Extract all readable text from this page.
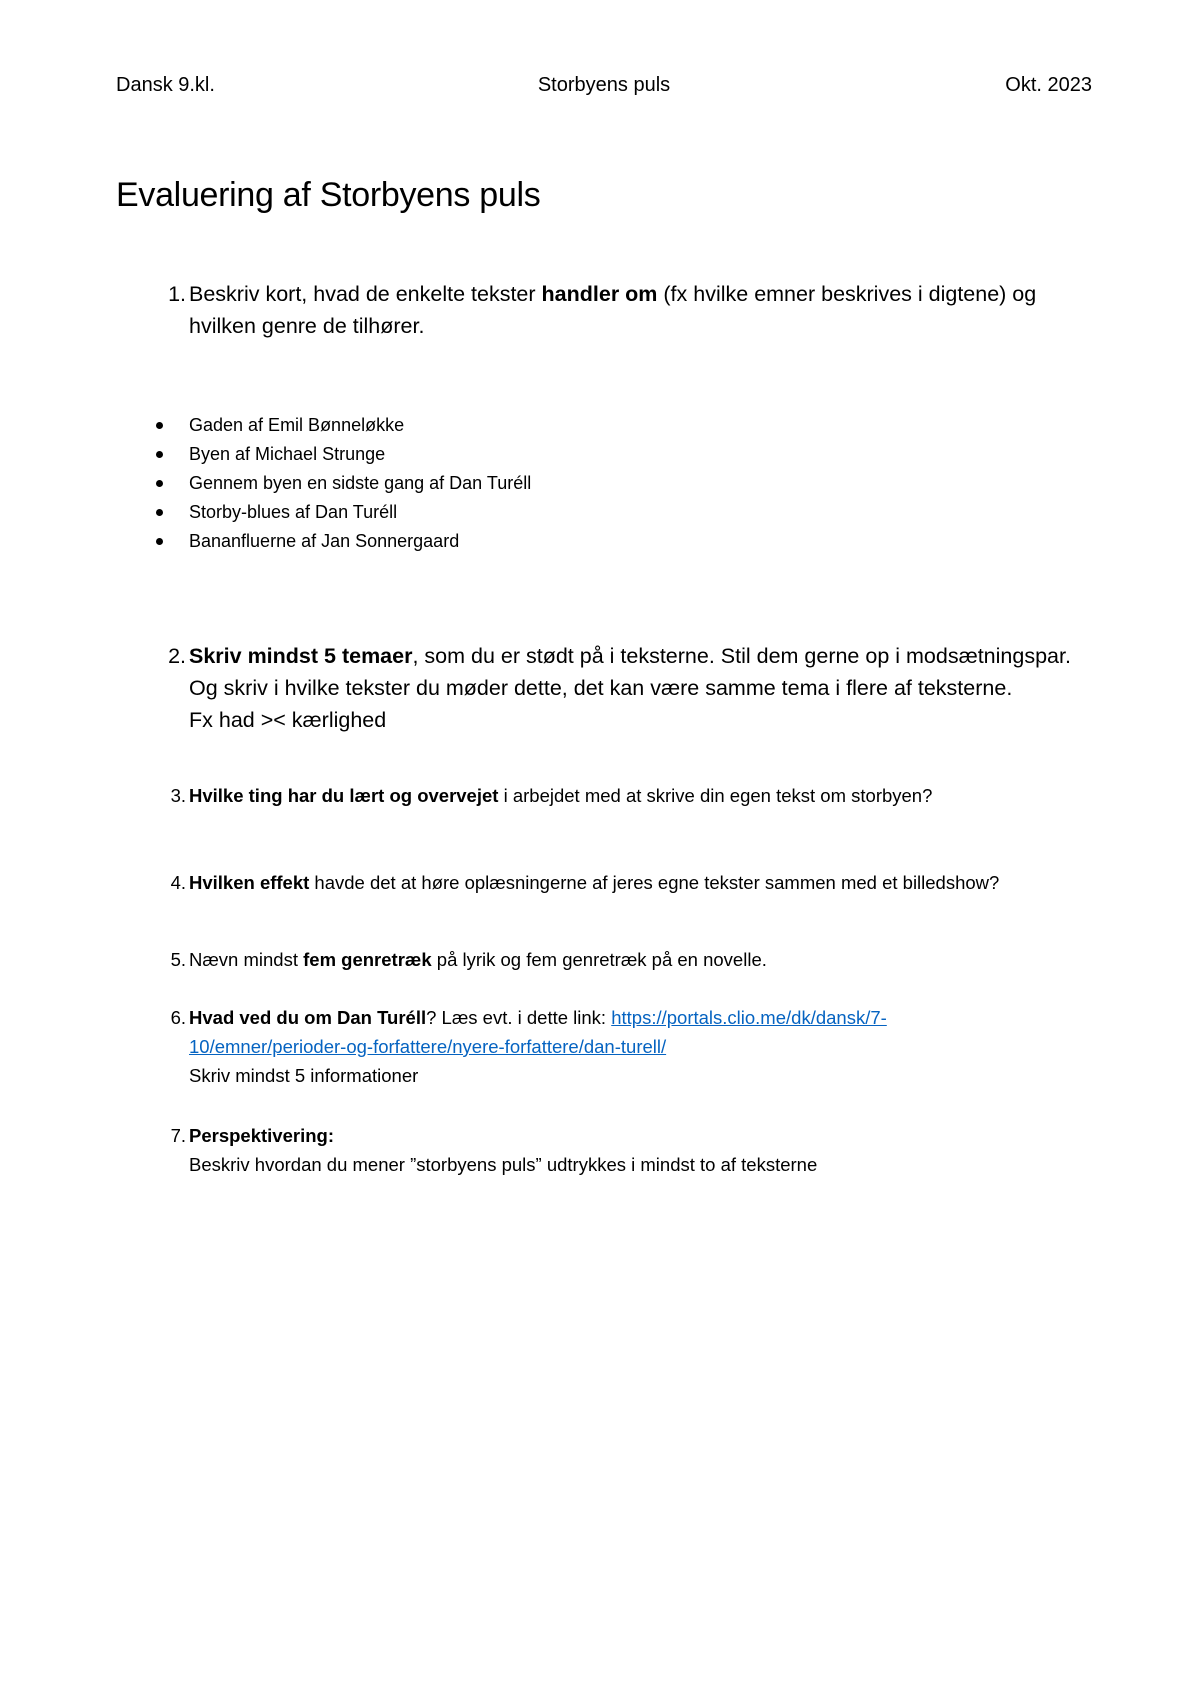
Dansk 9.kl.	Storbyens puls	Okt. 2023
Evaluering af Storbyens puls
1. Beskriv kort, hvad de enkelte tekster handler om (fx hvilke emner beskrives i digtene) og
hvilken genre de tilhører.
Gaden af Emil Bønneløkke
Byen af Michael Strunge
Gennem byen en sidste gang af Dan Turéll
Storby-blues af Dan Turéll
Bananfluerne af Jan Sonnergaard
2. Skriv mindst 5 temaer, som du er stødt på i teksterne. Stil dem gerne op i modsætningspar.
Og skriv i hvilke tekster du møder dette, det kan være samme tema i flere af teksterne.
Fx had >< kærlighed
3. Hvilke ting har du lært og overvejet i arbejdet med at skrive din egen tekst om storbyen?
4. Hvilken effekt havde det at høre oplæsningerne af jeres egne tekster sammen med et billedshow?
5. Nævn mindst fem genretræk på lyrik og fem genretræk på en novelle.
6. Hvad ved du om Dan Turéll? Læs evt. i dette link: https://portals.clio.me/dk/dansk/7-
10/emner/perioder-og-forfattere/nyere-forfattere/dan-turell/
Skriv mindst 5 informationer
7. Perspektivering:
Beskriv hvordan du mener ”storbyens puls” udtrykkes i mindst to af teksterne
